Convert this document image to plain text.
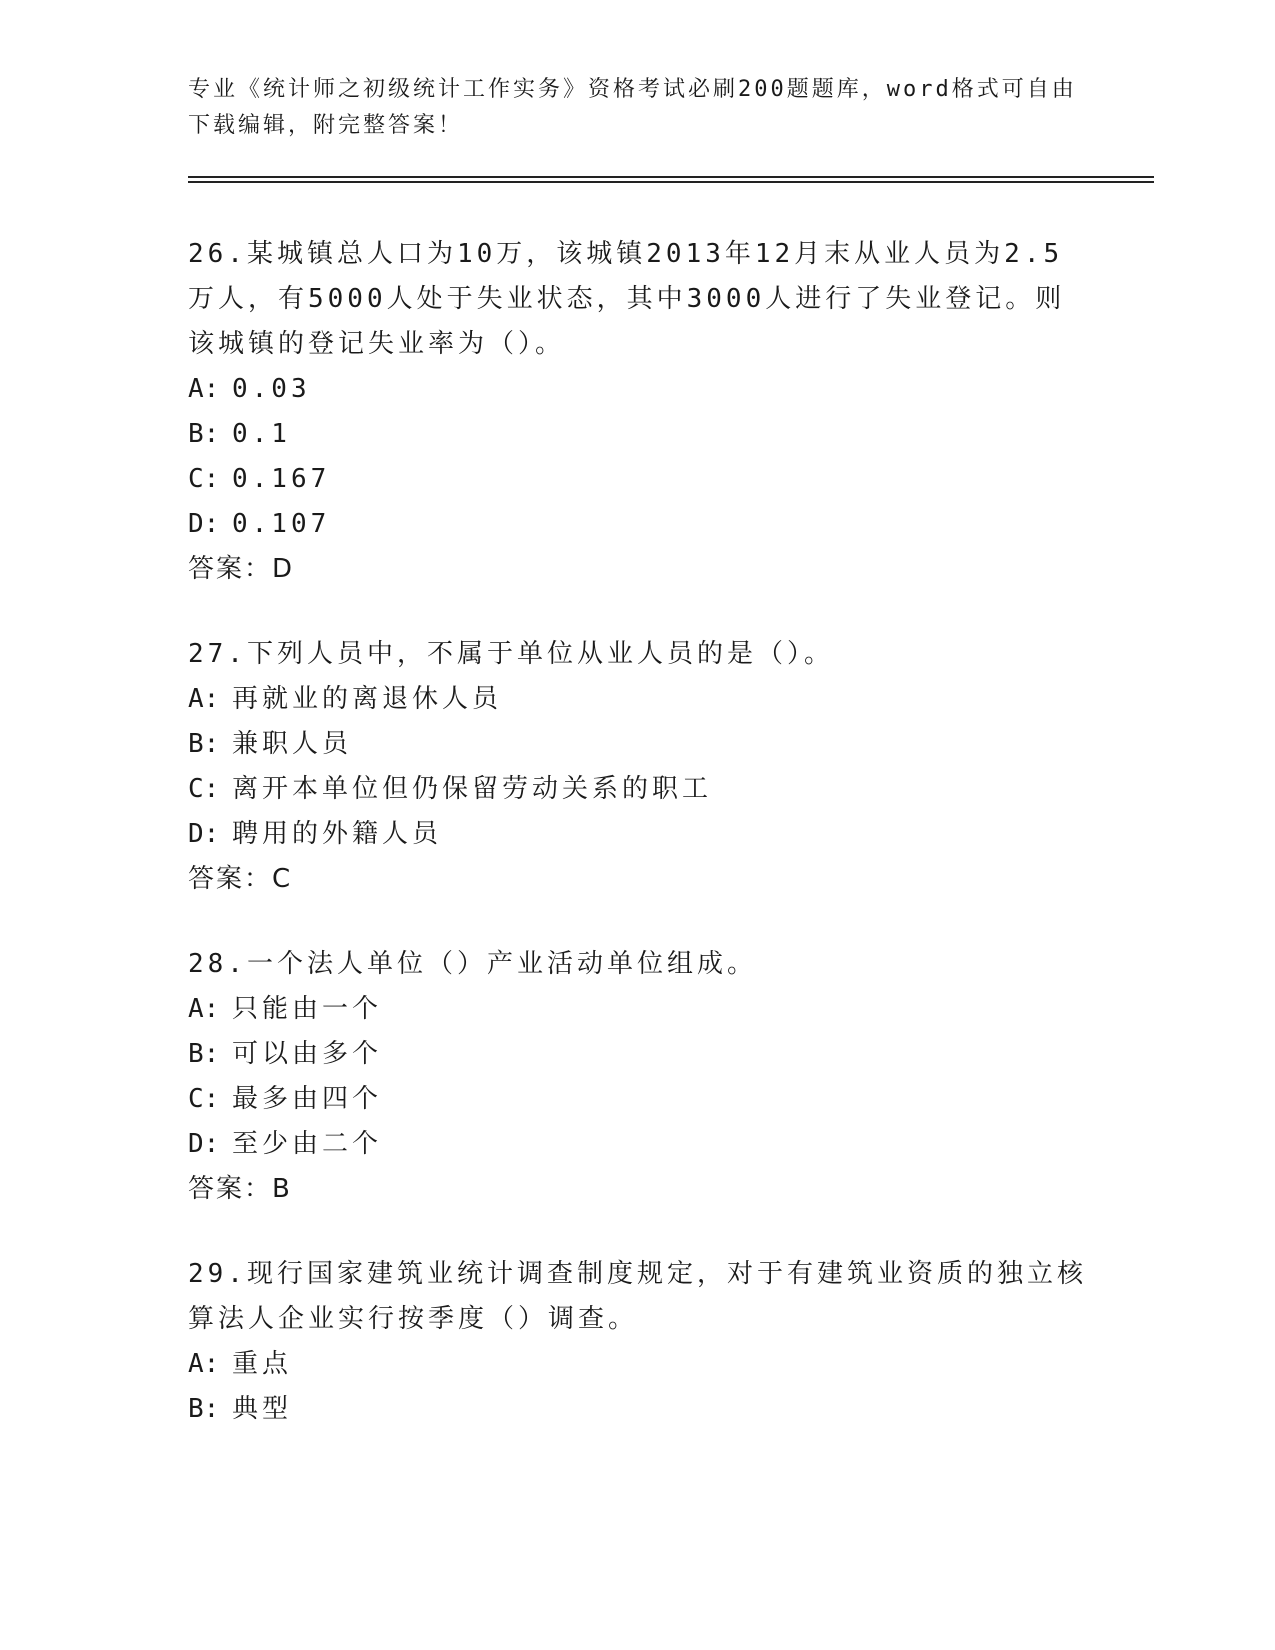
专业《统计师之初级统计工作实务》资格考试必刷200题题库，word格式可自由下载编辑，附完整答案！

26.某城镇总人口为10万，该城镇2013年12月末从业人员为2.5万人，有5000人处于失业状态，其中3000人进行了失业登记。则该城镇的登记失业率为（）。

A: 0.03

B: 0.1

C: 0.167

D: 0.107

答案：D

27.下列人员中，不属于单位从业人员的是（）。

A: 再就业的离退休人员

B: 兼职人员

C: 离开本单位但仍保留劳动关系的职工

D: 聘用的外籍人员

答案：C

28.一个法人单位（）产业活动单位组成。

A: 只能由一个

B: 可以由多个

C: 最多由四个

D: 至少由二个

答案：B

29.现行国家建筑业统计调查制度规定，对于有建筑业资质的独立核算法人企业实行按季度（）调查。

A: 重点

B: 典型
